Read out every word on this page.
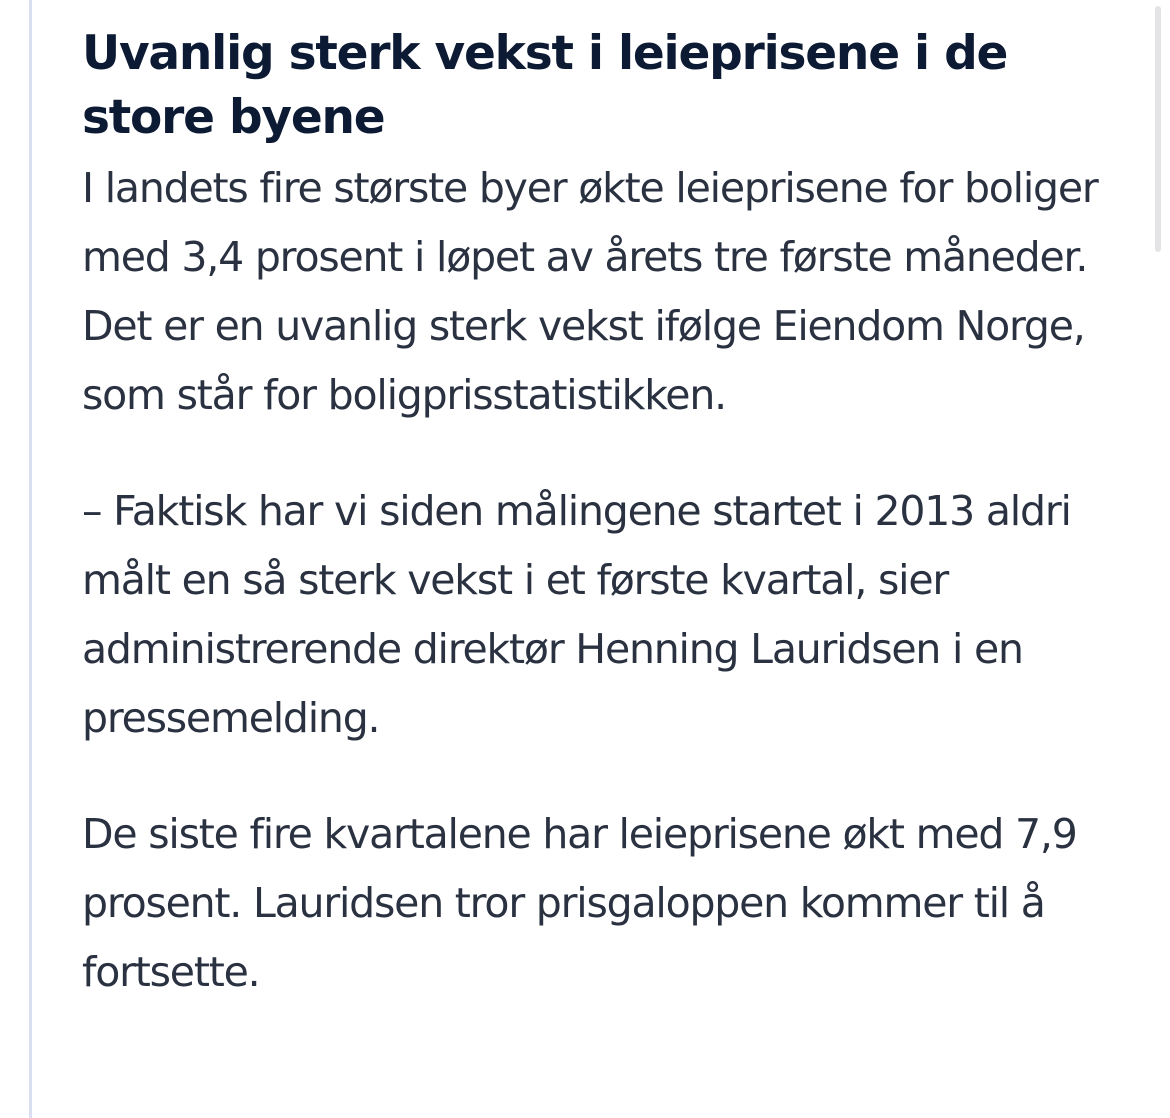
Uvanlig sterk vekst i leieprisene i de store byene

I landets fire største byer økte leieprisene for boliger med 3,4 prosent i løpet av årets tre første måneder. Det er en uvanlig sterk vekst ifølge Eiendom Norge, som står for boligprisstatistikken.

– Faktisk har vi siden målingene startet i 2013 aldri målt en så sterk vekst i et første kvartal, sier administrerende direktør Henning Lauridsen i en pressemelding.

De siste fire kvartalene har leieprisene økt med 7,9 prosent. Lauridsen tror prisgaloppen kommer til å fortsette.
